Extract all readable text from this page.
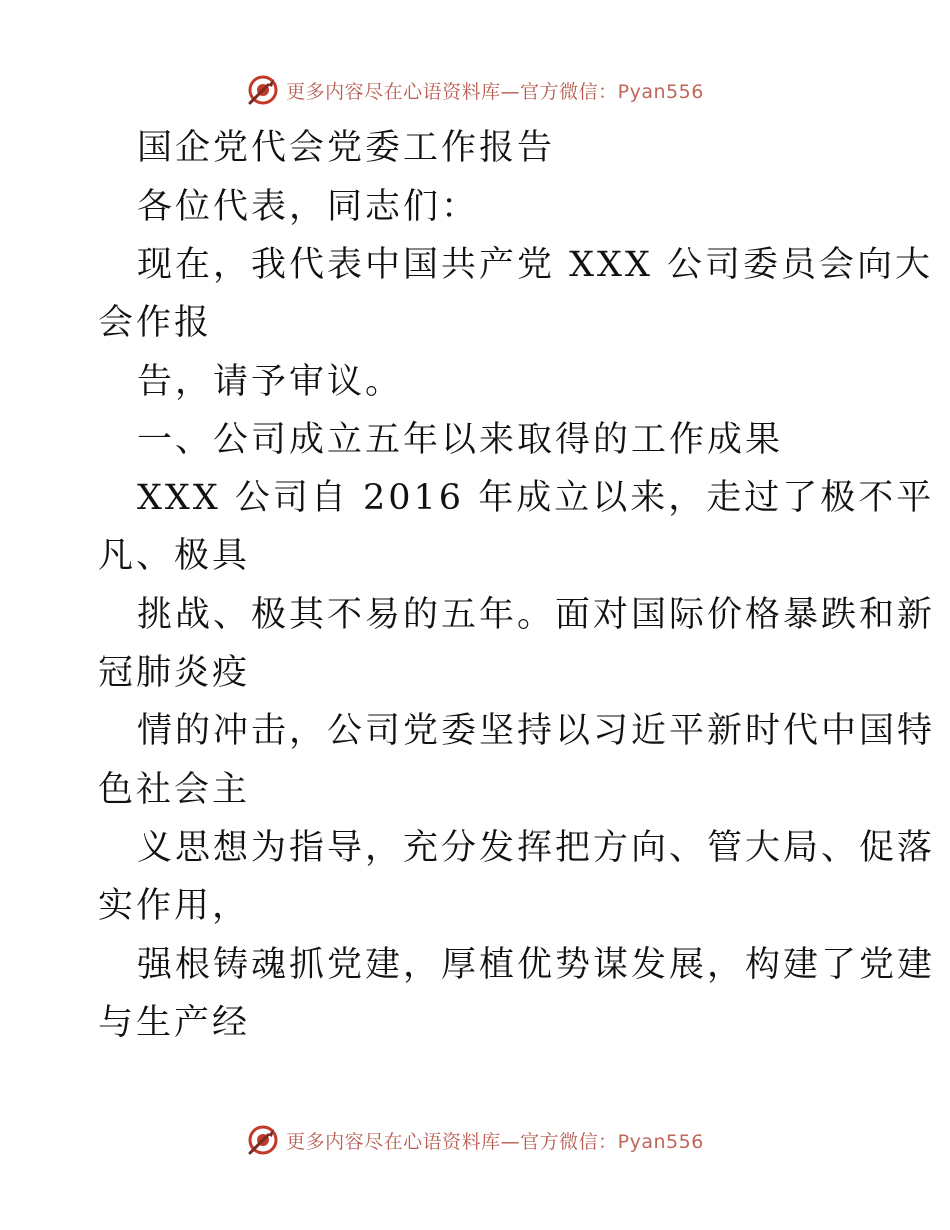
更多内容尽在心语资料库—官方微信：Pyan556
国企党代会党委工作报告
各位代表，同志们：
现在，我代表中国共产党 XXX 公司委员会向大
会作报
告，请予审议。
一、公司成立五年以来取得的工作成果
XXX 公司自 2016 年成立以来，走过了极不平
凡、极具
挑战、极其不易的五年。面对国际价格暴跌和新
冠肺炎疫
情的冲击，公司党委坚持以习近平新时代中国特
色社会主
义思想为指导，充分发挥把方向、管大局、促落
实作用，
强根铸魂抓党建，厚植优势谋发展，构建了党建
与生产经
更多内容尽在心语资料库—官方微信：Pyan556
